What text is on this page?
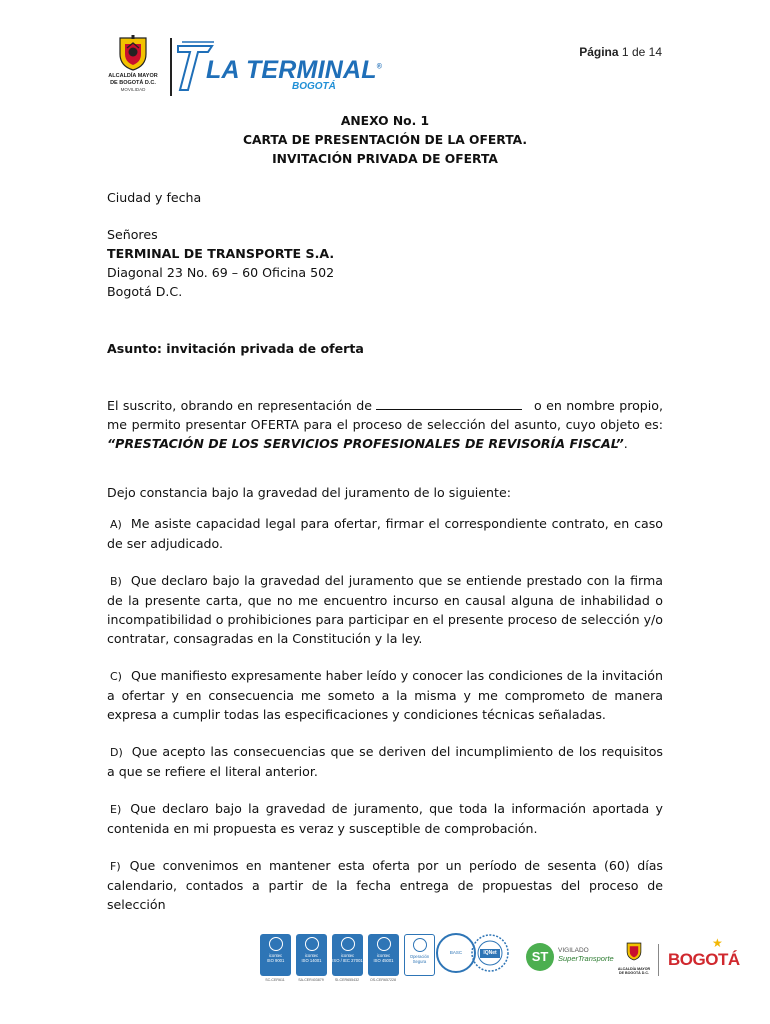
ALCALDÍA MAYOR
DE BOGOTÁ D.C.
MOVILIDAD
LA TERMINAL®
BOGOTÁ
Página 1 de 14
ANEXO No. 1
CARTA DE PRESENTACIÓN DE LA OFERTA.
INVITACIÓN PRIVADA DE OFERTA

Ciudad y fecha

Señores

TERMINAL DE TRANSPORTE S.A.

Diagonal 23 No. 69 – 60 Oficina 502

Bogotá D.C.

Asunto: invitación privada de oferta

El suscrito, obrando en representación de	o en nombre propio, me permito presentar OFERTA para el proceso de selección del asunto, cuyo objeto es: “PRESTACIÓN DE LOS SERVICIOS PROFESIONALES DE REVISORÍA FISCAL”.

Dejo constancia bajo la gravedad del juramento de lo siguiente:

A) Me asiste capacidad legal para ofertar, firmar el correspondiente contrato, en caso de ser adjudicado.

B) Que declaro bajo la gravedad del juramento que se entiende prestado con la firma de la presente carta, que no me encuentro incurso en causal alguna de inhabilidad o incompatibilidad o prohibiciones para participar en el presente proceso de selección y/o contratar, consagradas en la Constitución y la ley.

C) Que manifiesto expresamente haber leído y conocer las condiciones de la invitación a ofertar y en consecuencia me someto a la misma y me comprometo de manera expresa a cumplir todas las especificaciones y condiciones técnicas señaladas.

D) Que acepto las consecuencias que se deriven del incumplimiento de los requisitos a que se refiere el literal anterior.

E) Que declaro bajo la gravedad de juramento, que toda la información aportada y contenida en mi propuesta es veraz y susceptible de comprobación.

F) Que convenimos en mantener esta oferta por un período de sesenta (60) días calendario, contados a partir de la fecha entrega de propuestas del proceso de selección

icontec
ISO 9001
SC-CER611
icontec
ISO 14001
SA-CER403879
icontec
ISO / IEC 27001
SI-CER655432
icontec
ISO 45001
OS-CER657228
Operación Segura
BASC	IQNet	ST	VIGILADO
SuperTransporte
ALCALDÍA MAYOR
DE BOGOTÁ D.C.
BOGOTÁ
★
